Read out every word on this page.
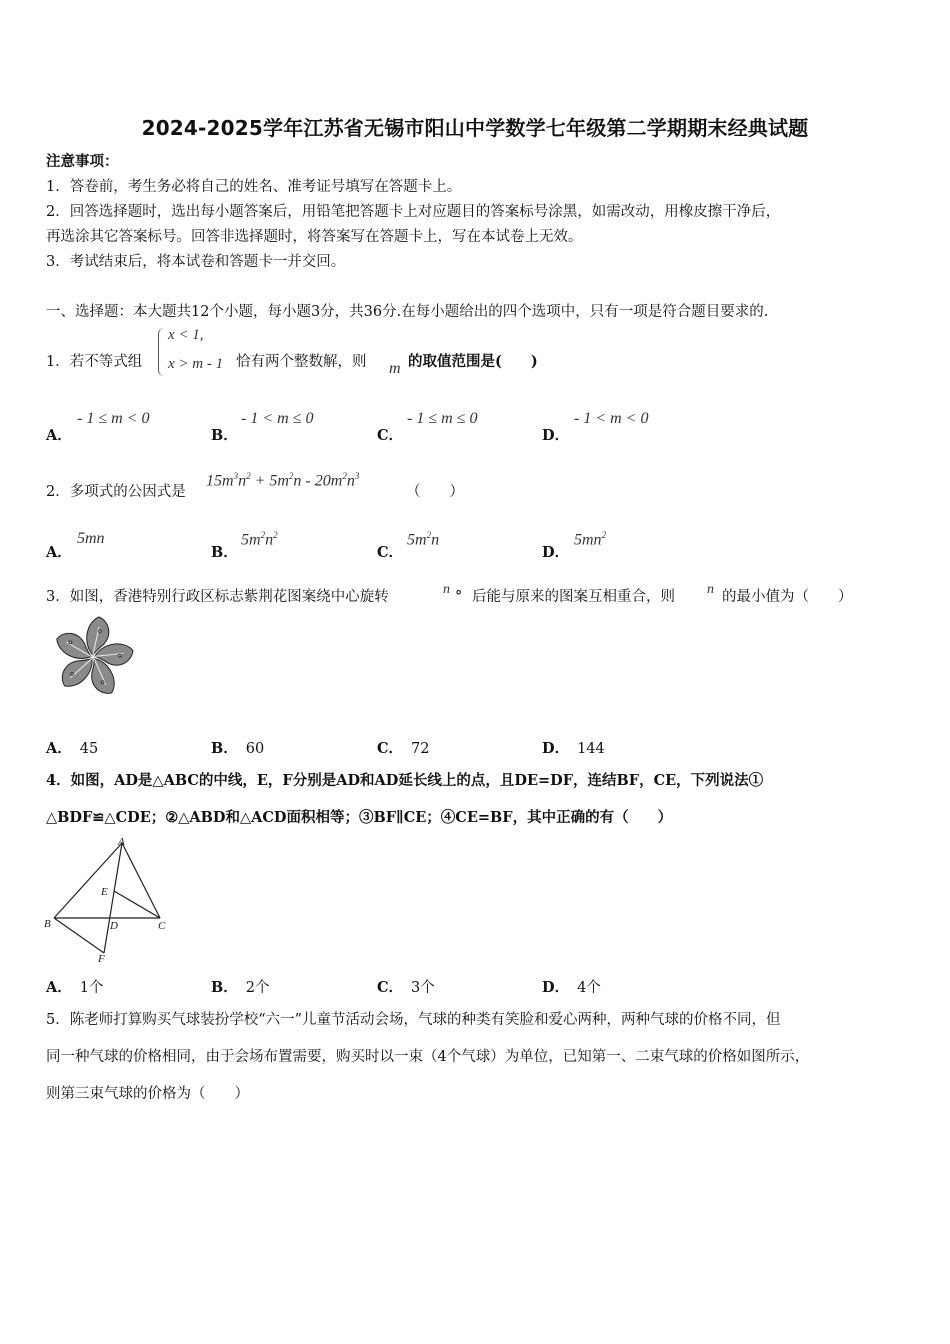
2024-2025学年江苏省无锡市阳山中学数学七年级第二学期期末经典试题
注意事项：
1．答卷前，考生务必将自己的姓名、准考证号填写在答题卡上。
2．回答选择题时，选出每小题答案后，用铅笔把答题卡上对应题目的答案标号涂黑，如需改动，用橡皮擦干净后，
再选涂其它答案标号。回答非选择题时，将答案写在答题卡上，写在本试卷上无效。
3．考试结束后，将本试卷和答题卡一并交回。
一、选择题：本大题共12个小题，每小题3分，共36分.在每小题给出的四个选项中，只有一项是符合题目要求的.
1．若不等式组
x < 1,
x > m - 1 恰有两个整数解，则 m 的取值范围是(　　)
A．
- 1 ≤ m < 0
B．
- 1 < m ≤ 0
C．
- 1 ≤ m ≤ 0
D．
- 1 < m < 0
2．多项式的公因式是
$15m^3n^2 + 5m^2n - 20m^2n^3$
（　　）
A．
5mn
B．
$5m^2n^2$
C．
$5m^2n$
D．
$5mn^2$
3．如图，香港特别行政区标志紫荆花图案绕中心旋转	n ° 后能与原来的图案互相重合，则 n 的最小值为（　　）
A． 45	B． 60	C． 72	D． 144
4．如图，AD是△ABC的中线，E，F分别是AD和AD延长线上的点，且DE=DF，连结BF，CE，下列说法①
△BDF≌△CDE；②△ABD和△ACD面积相等；③BF∥CE；④CE=BF，其中正确的有（　　）
A
B	C
D
E
F
A． 1个	B． 2个	C． 3个	D． 4个
5．陈老师打算购买气球装扮学校“六一”儿童节活动会场，气球的种类有笑脸和爱心两种，两种气球的价格不同，但
同一种气球的价格相同，由于会场布置需要，购买时以一束（4个气球）为单位，已知第一、二束气球的价格如图所示，
则第三束气球的价格为（　　）
